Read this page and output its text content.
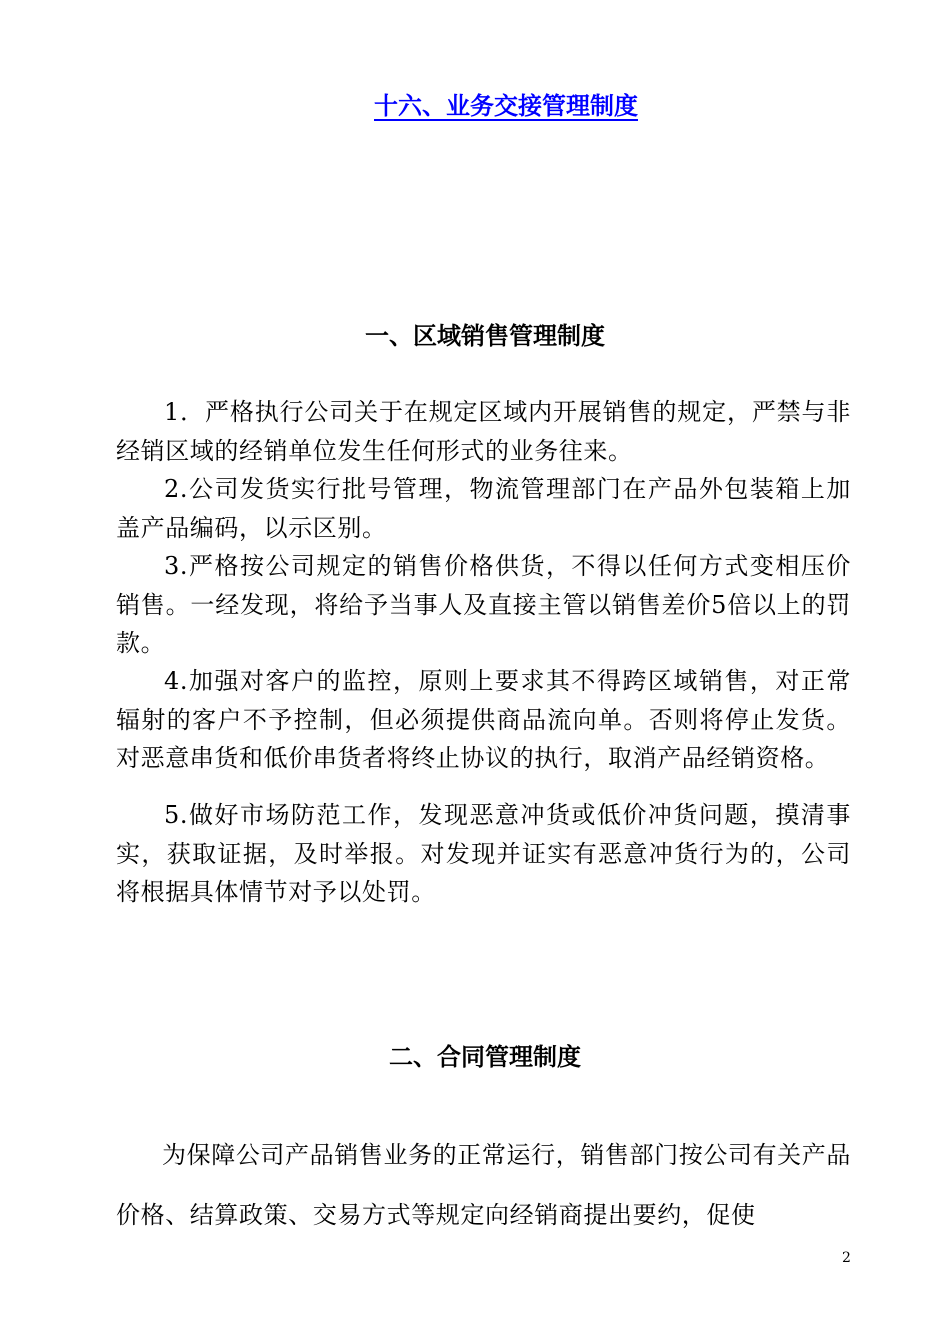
十六、业务交接管理制度
一、区域销售管理制度

1．严格执行公司关于在规定区域内开展销售的规定，严禁与非经销区域的经销单位发生任何形式的业务往来。

2.公司发货实行批号管理，物流管理部门在产品外包装箱上加盖产品编码，以示区别。

3.严格按公司规定的销售价格供货，不得以任何方式变相压价销售。一经发现，将给予当事人及直接主管以销售差价5倍以上的罚款。

4.加强对客户的监控，原则上要求其不得跨区域销售，对正常辐射的客户不予控制，但必须提供商品流向单。否则将停止发货。对恶意串货和低价串货者将终止协议的执行，取消产品经销资格。

5.做好市场防范工作，发现恶意冲货或低价冲货问题，摸清事实，获取证据，及时举报。对发现并证实有恶意冲货行为的，公司将根据具体情节对予以处罚。

二、合同管理制度

为保障公司产品销售业务的正常运行，销售部门按公司有关产品价格、结算政策、交易方式等规定向经销商提出要约，促使

2
